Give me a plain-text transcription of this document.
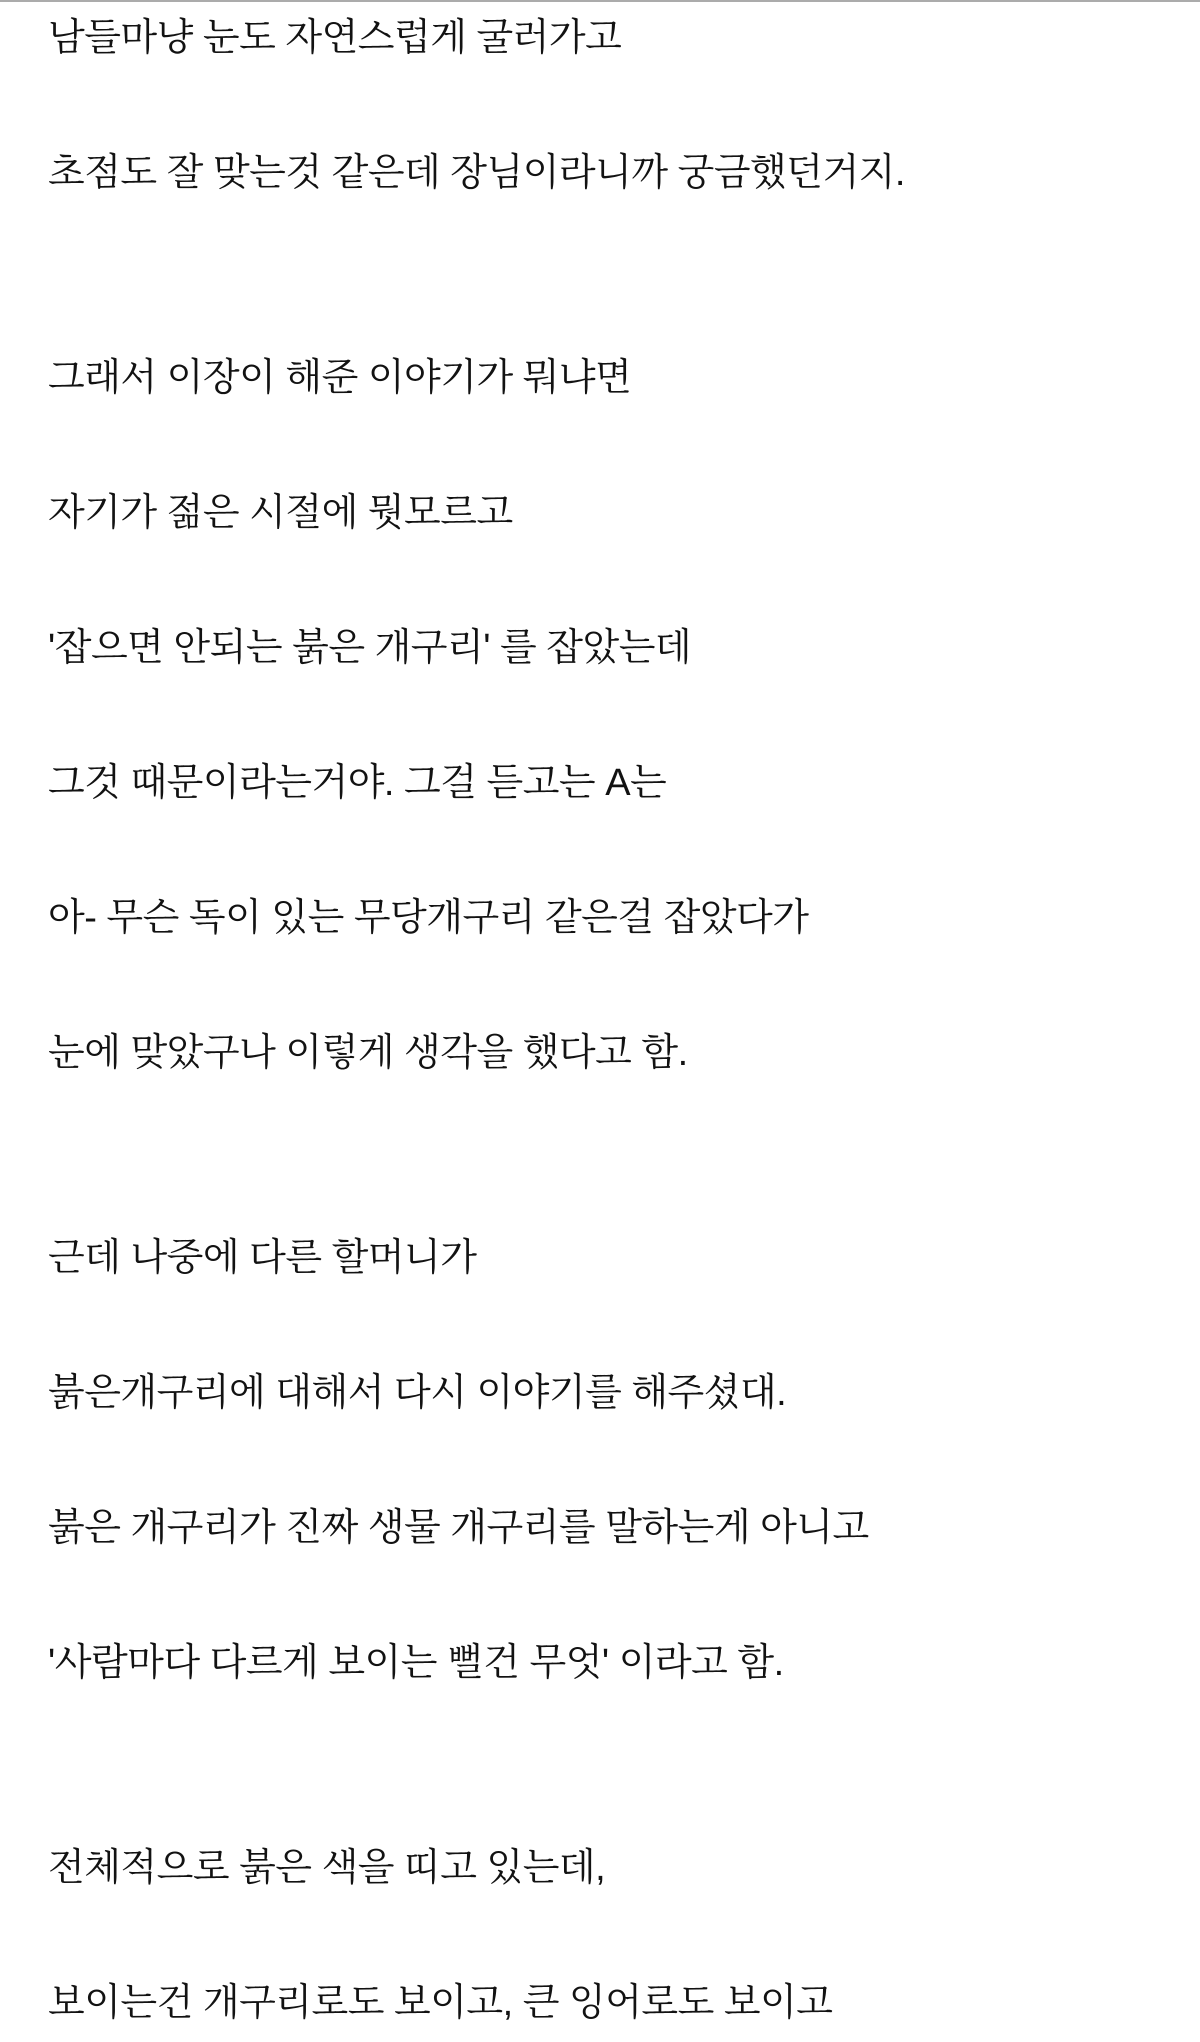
남들마냥 눈도 자연스럽게 굴러가고
초점도 잘 맞는것 같은데 장님이라니까 궁금했던거지.
그래서 이장이 해준 이야기가 뭐냐면
자기가 젊은 시절에 뭣모르고
'잡으면 안되는 붉은 개구리' 를 잡았는데
그것 때문이라는거야. 그걸 듣고는 A는
아- 무슨 독이 있는 무당개구리 같은걸 잡았다가
눈에 맞았구나 이렇게 생각을 했다고 함.
근데 나중에 다른 할머니가
붉은개구리에 대해서 다시 이야기를 해주셨대.
붉은 개구리가 진짜 생물 개구리를 말하는게 아니고
'사람마다 다르게 보이는 뻘건 무엇' 이라고 함.
전체적으로 붉은 색을 띠고 있는데,
보이는건 개구리로도 보이고, 큰 잉어로도 보이고
